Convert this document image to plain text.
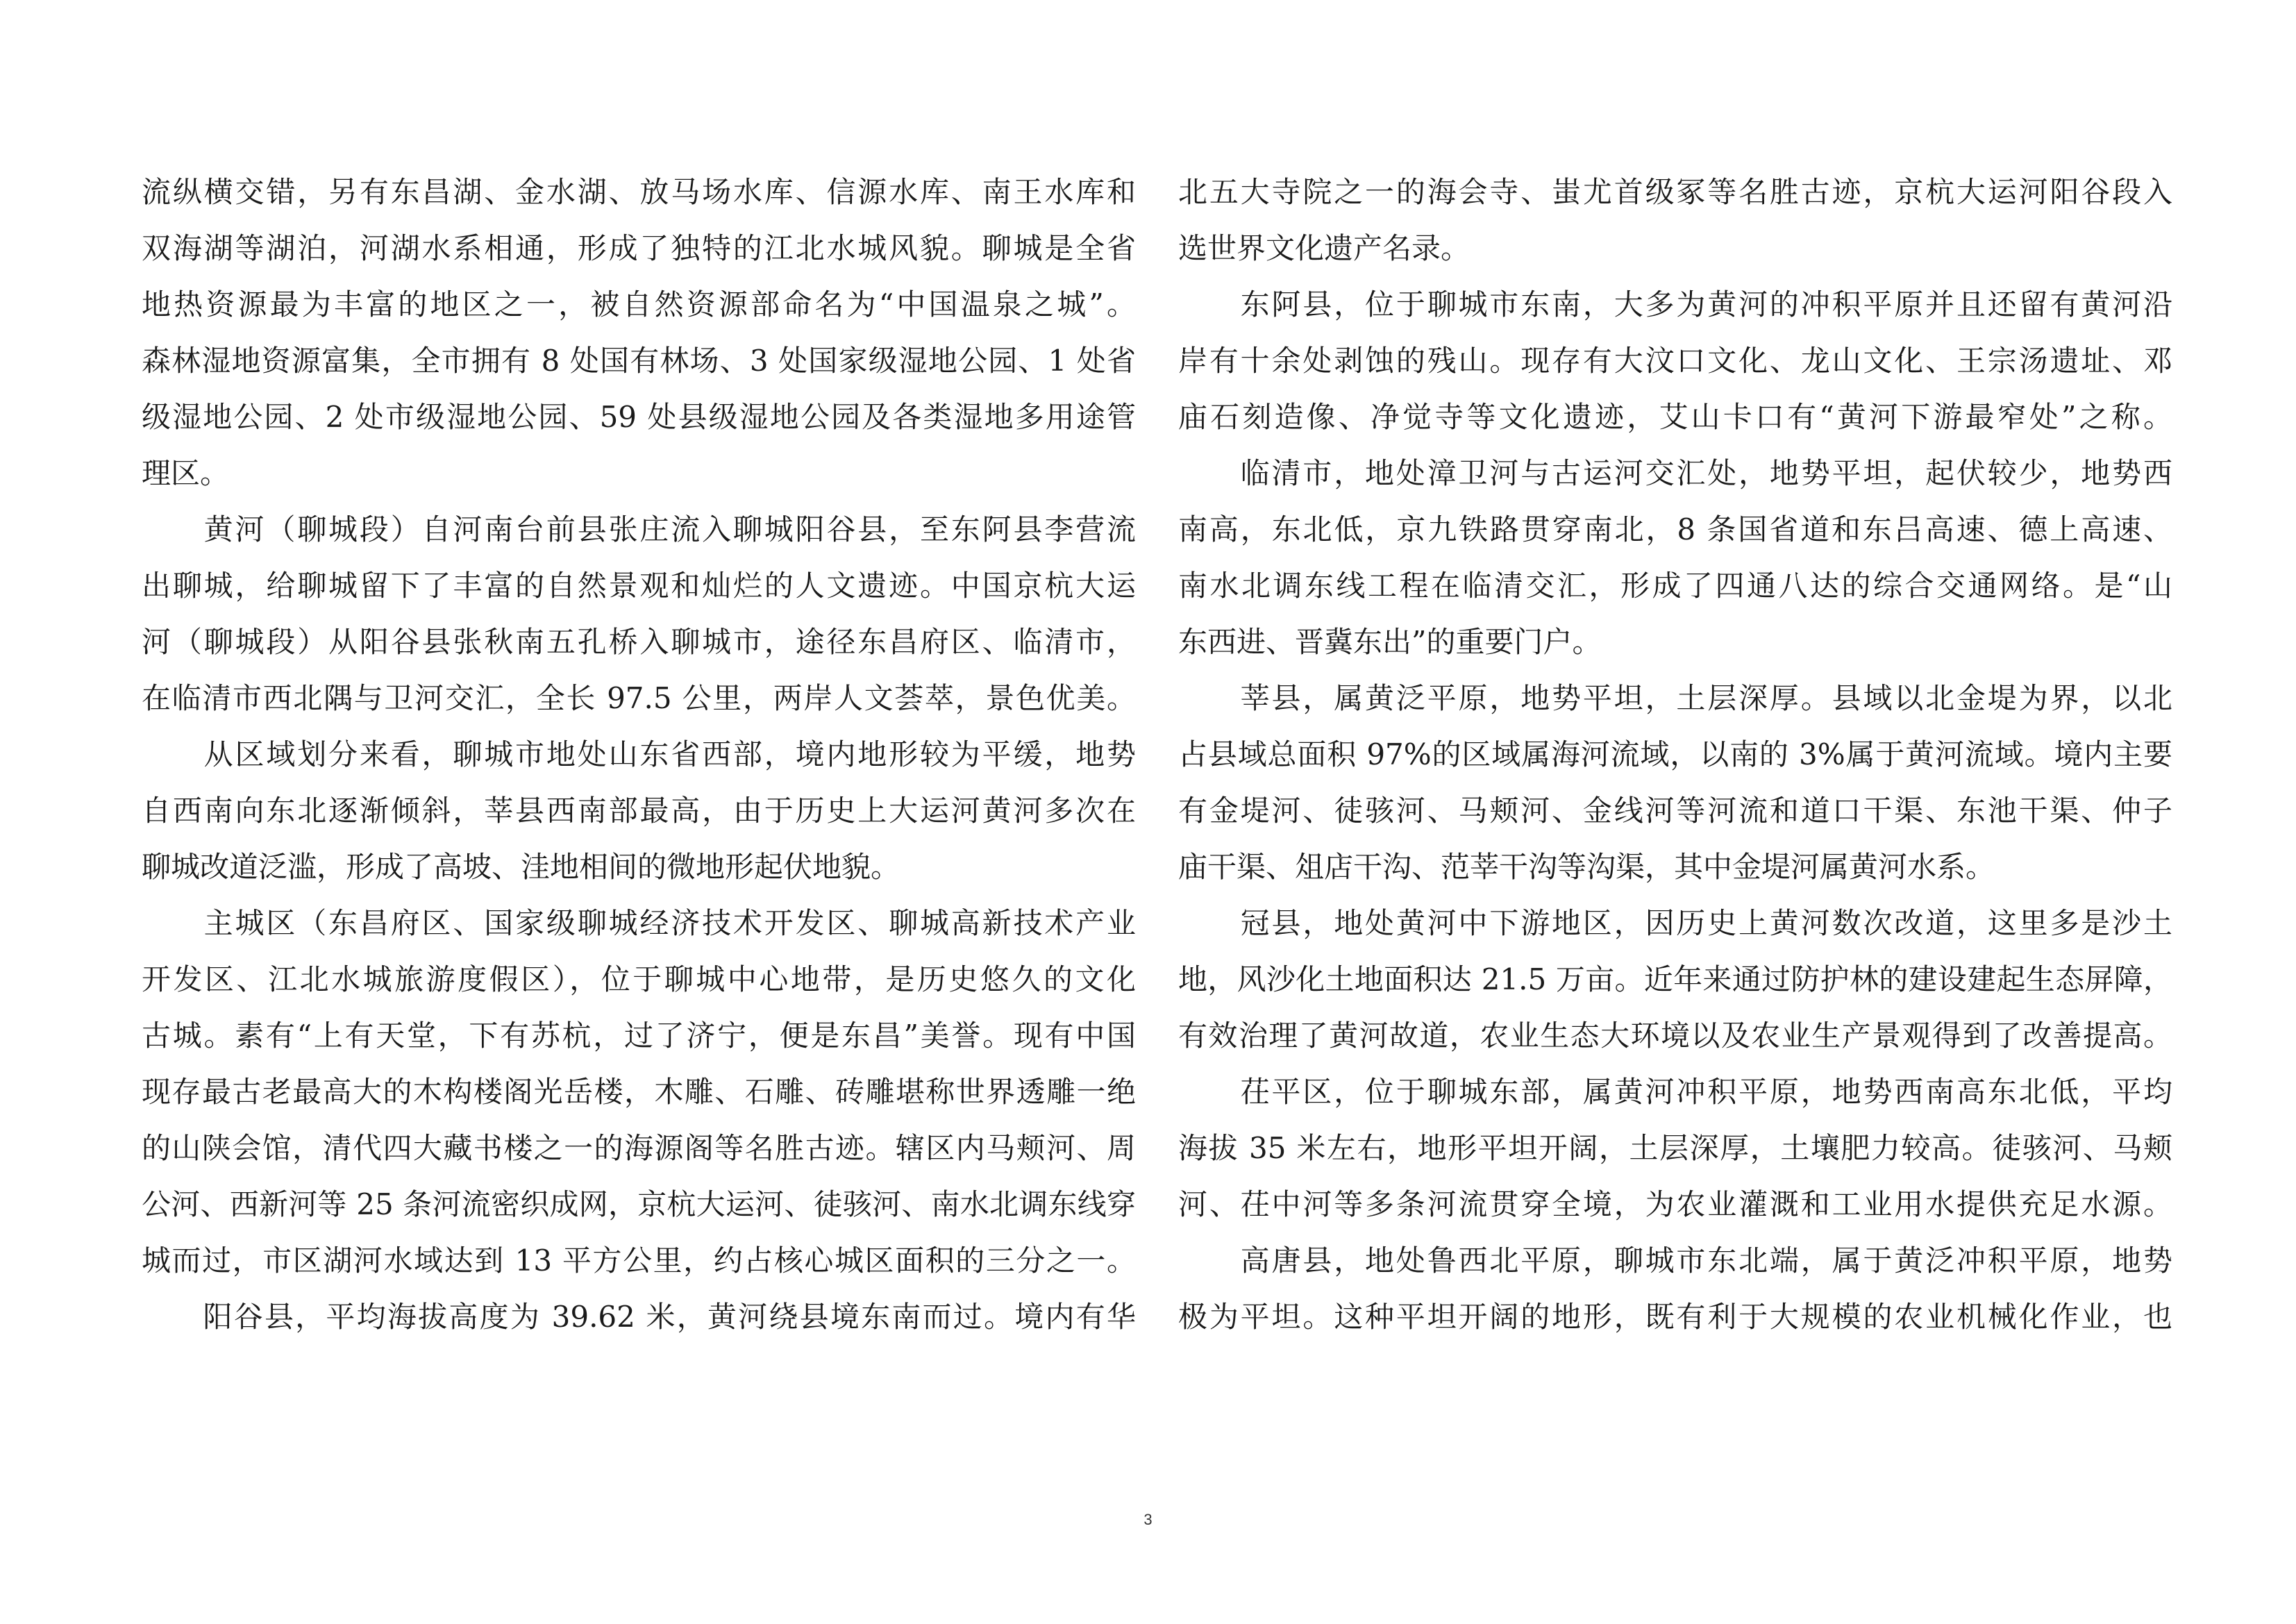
流纵横交错，另有东昌湖、金水湖、放马场水库、信源水库、南王水库和
双海湖等湖泊，河湖水系相通，形成了独特的江北水城风貌。聊城是全省
地热资源最为丰富的地区之一，被自然资源部命名为“中国温泉之城”。
森林湿地资源富集，全市拥有 8 处国有林场、3 处国家级湿地公园、1 处省
级湿地公园、2 处市级湿地公园、59 处县级湿地公园及各类湿地多用途管
理区。
　　黄河（聊城段）自河南台前县张庄流入聊城阳谷县，至东阿县李营流
出聊城，给聊城留下了丰富的自然景观和灿烂的人文遗迹。中国京杭大运
河（聊城段）从阳谷县张秋南五孔桥入聊城市，途径东昌府区、临清市，
在临清市西北隅与卫河交汇，全长 97.5 公里，两岸人文荟萃，景色优美。
　　从区域划分来看，聊城市地处山东省西部，境内地形较为平缓，地势
自西南向东北逐渐倾斜，莘县西南部最高，由于历史上大运河黄河多次在
聊城改道泛滥，形成了高坡、洼地相间的微地形起伏地貌。
　　主城区（东昌府区、国家级聊城经济技术开发区、聊城高新技术产业
开发区、江北水城旅游度假区），位于聊城中心地带，是历史悠久的文化
古城。素有“上有天堂，下有苏杭，过了济宁，便是东昌”美誉。现有中国
现存最古老最高大的木构楼阁光岳楼，木雕、石雕、砖雕堪称世界透雕一绝
的山陕会馆，清代四大藏书楼之一的海源阁等名胜古迹。辖区内马颊河、周
公河、西新河等 25 条河流密织成网，京杭大运河、徒骇河、南水北调东线穿
城而过，市区湖河水域达到 13 平方公里，约占核心城区面积的三分之一。
　　阳谷县，平均海拔高度为 39.62 米，黄河绕县境东南而过。境内有华
北五大寺院之一的海会寺、蚩尤首级冢等名胜古迹，京杭大运河阳谷段入
选世界文化遗产名录。
　　东阿县，位于聊城市东南，大多为黄河的冲积平原并且还留有黄河沿
岸有十余处剥蚀的残山。现存有大汶口文化、龙山文化、王宗汤遗址、邓
庙石刻造像、净觉寺等文化遗迹，艾山卡口有“黄河下游最窄处”之称。
　　临清市，地处漳卫河与古运河交汇处，地势平坦，起伏较少，地势西
南高，东北低，京九铁路贯穿南北，8 条国省道和东吕高速、德上高速、
南水北调东线工程在临清交汇，形成了四通八达的综合交通网络。是“山
东西进、晋冀东出”的重要门户。
　　莘县，属黄泛平原，地势平坦，土层深厚。县域以北金堤为界，以北
占县域总面积 97%的区域属海河流域，以南的 3%属于黄河流域。境内主要
有金堤河、徒骇河、马颊河、金线河等河流和道口干渠、东池干渠、仲子
庙干渠、俎店干沟、范莘干沟等沟渠，其中金堤河属黄河水系。
　　冠县，地处黄河中下游地区，因历史上黄河数次改道，这里多是沙土
地，风沙化土地面积达 21.5 万亩。近年来通过防护林的建设建起生态屏障，
有效治理了黄河故道，农业生态大环境以及农业生产景观得到了改善提高。
　　茌平区，位于聊城东部，属黄河冲积平原，地势西南高东北低，平均
海拔 35 米左右，地形平坦开阔，土层深厚，土壤肥力较高。徒骇河、马颊
河、茌中河等多条河流贯穿全境，为农业灌溉和工业用水提供充足水源。
　　高唐县，地处鲁西北平原，聊城市东北端，属于黄泛冲积平原，地势
极为平坦。这种平坦开阔的地形，既有利于大规模的农业机械化作业，也
3
